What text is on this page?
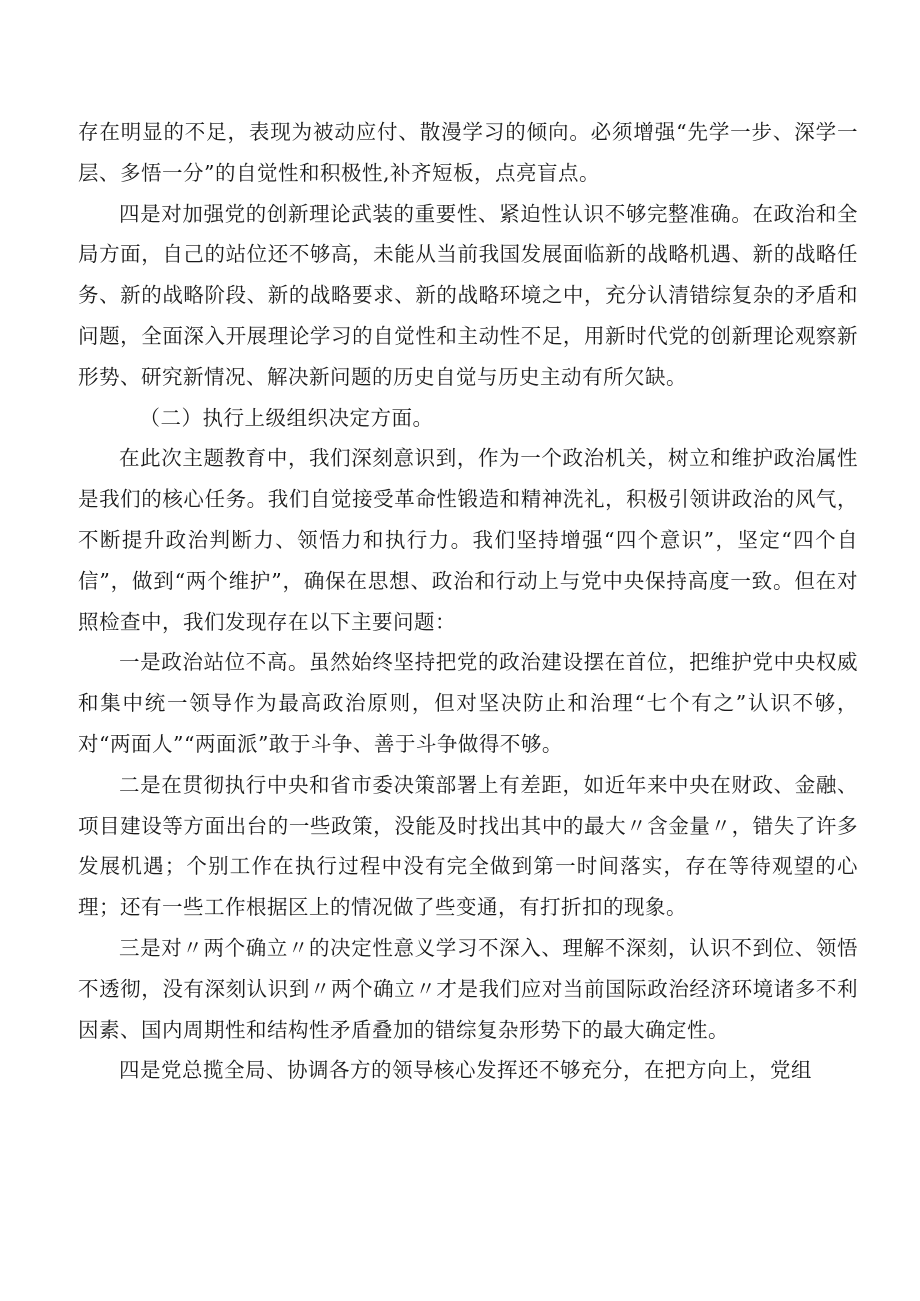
存在明显的不足，表现为被动应付、散漫学习的倾向。必须增强“先学一步、深学一层、多悟一分”的自觉性和积极性,补齐短板，点亮盲点。

四是对加强党的创新理论武装的重要性、紧迫性认识不够完整准确。在政治和全局方面，自己的站位还不够高，未能从当前我国发展面临新的战略机遇、新的战略任务、新的战略阶段、新的战略要求、新的战略环境之中，充分认清错综复杂的矛盾和问题，全面深入开展理论学习的自觉性和主动性不足，用新时代党的创新理论观察新形势、研究新情况、解决新问题的历史自觉与历史主动有所欠缺。

（二）执行上级组织决定方面。

在此次主题教育中，我们深刻意识到，作为一个政治机关，树立和维护政治属性是我们的核心任务。我们自觉接受革命性锻造和精神洗礼，积极引领讲政治的风气，不断提升政治判断力、领悟力和执行力。我们坚持增强“四个意识”，坚定“四个自信”，做到“两个维护”，确保在思想、政治和行动上与党中央保持高度一致。但在对照检查中，我们发现存在以下主要问题：

一是政治站位不高。虽然始终坚持把党的政治建设摆在首位，把维护党中央权威和集中统一领导作为最高政治原则，但对坚决防止和治理“七个有之”认识不够，对“两面人”“两面派”敢于斗争、善于斗争做得不够。

二是在贯彻执行中央和省市委决策部署上有差距，如近年来中央在财政、金融、项目建设等方面出台的一些政策，没能及时找出其中的最大〃含金量〃，错失了许多发展机遇；个别工作在执行过程中没有完全做到第一时间落实，存在等待观望的心理；还有一些工作根据区上的情况做了些变通，有打折扣的现象。

三是对〃两个确立〃的决定性意义学习不深入、理解不深刻，认识不到位、领悟不透彻，没有深刻认识到〃两个确立〃才是我们应对当前国际政治经济环境诸多不利因素、国内周期性和结构性矛盾叠加的错综复杂形势下的最大确定性。

四是党总揽全局、协调各方的领导核心发挥还不够充分，在把方向上，党组
